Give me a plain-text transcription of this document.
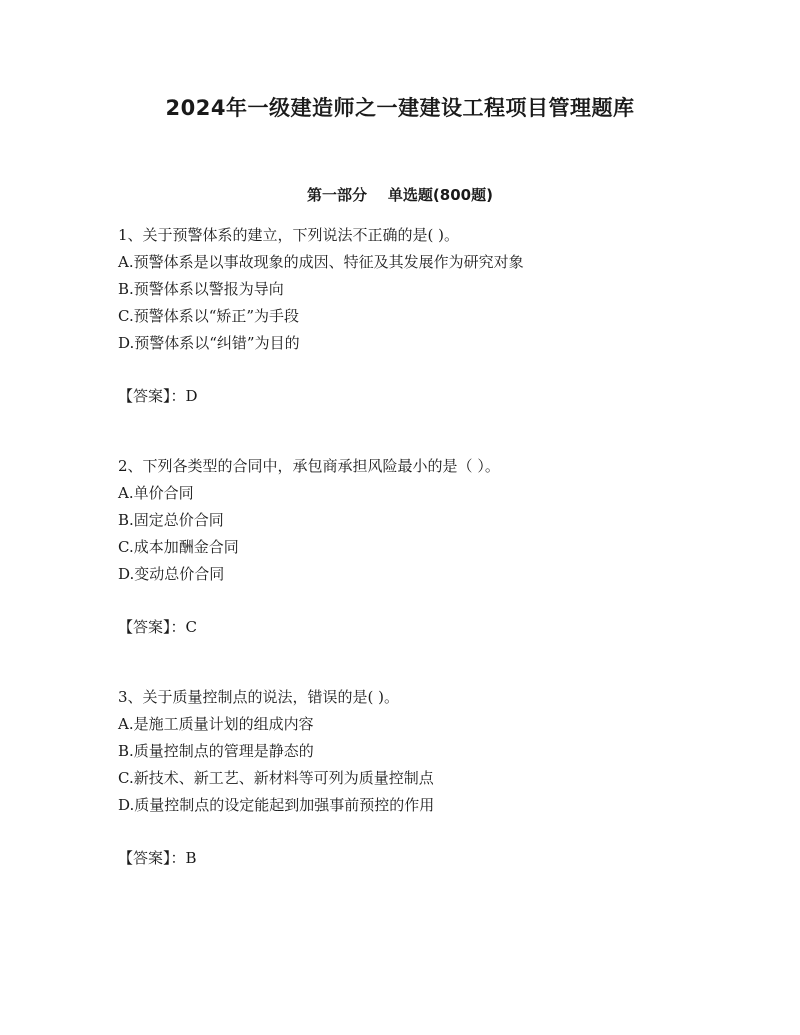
2024年一级建造师之一建建设工程项目管理题库
第一部分    单选题(800题)

1、关于预警体系的建立，下列说法不正确的是( )。

A.预警体系是以事故现象的成因、特征及其发展作为研究对象

B.预警体系以警报为导向

C.预警体系以“矫正”为手段

D.预警体系以“纠错”为目的

【答案】：D

2、下列各类型的合同中，承包商承担风险最小的是（ ）。

A.单价合同

B.固定总价合同

C.成本加酬金合同

D.变动总价合同

【答案】：C

3、关于质量控制点的说法，错误的是( )。

A.是施工质量计划的组成内容

B.质量控制点的管理是静态的

C.新技术、新工艺、新材料等可列为质量控制点

D.质量控制点的设定能起到加强事前预控的作用

【答案】：B
